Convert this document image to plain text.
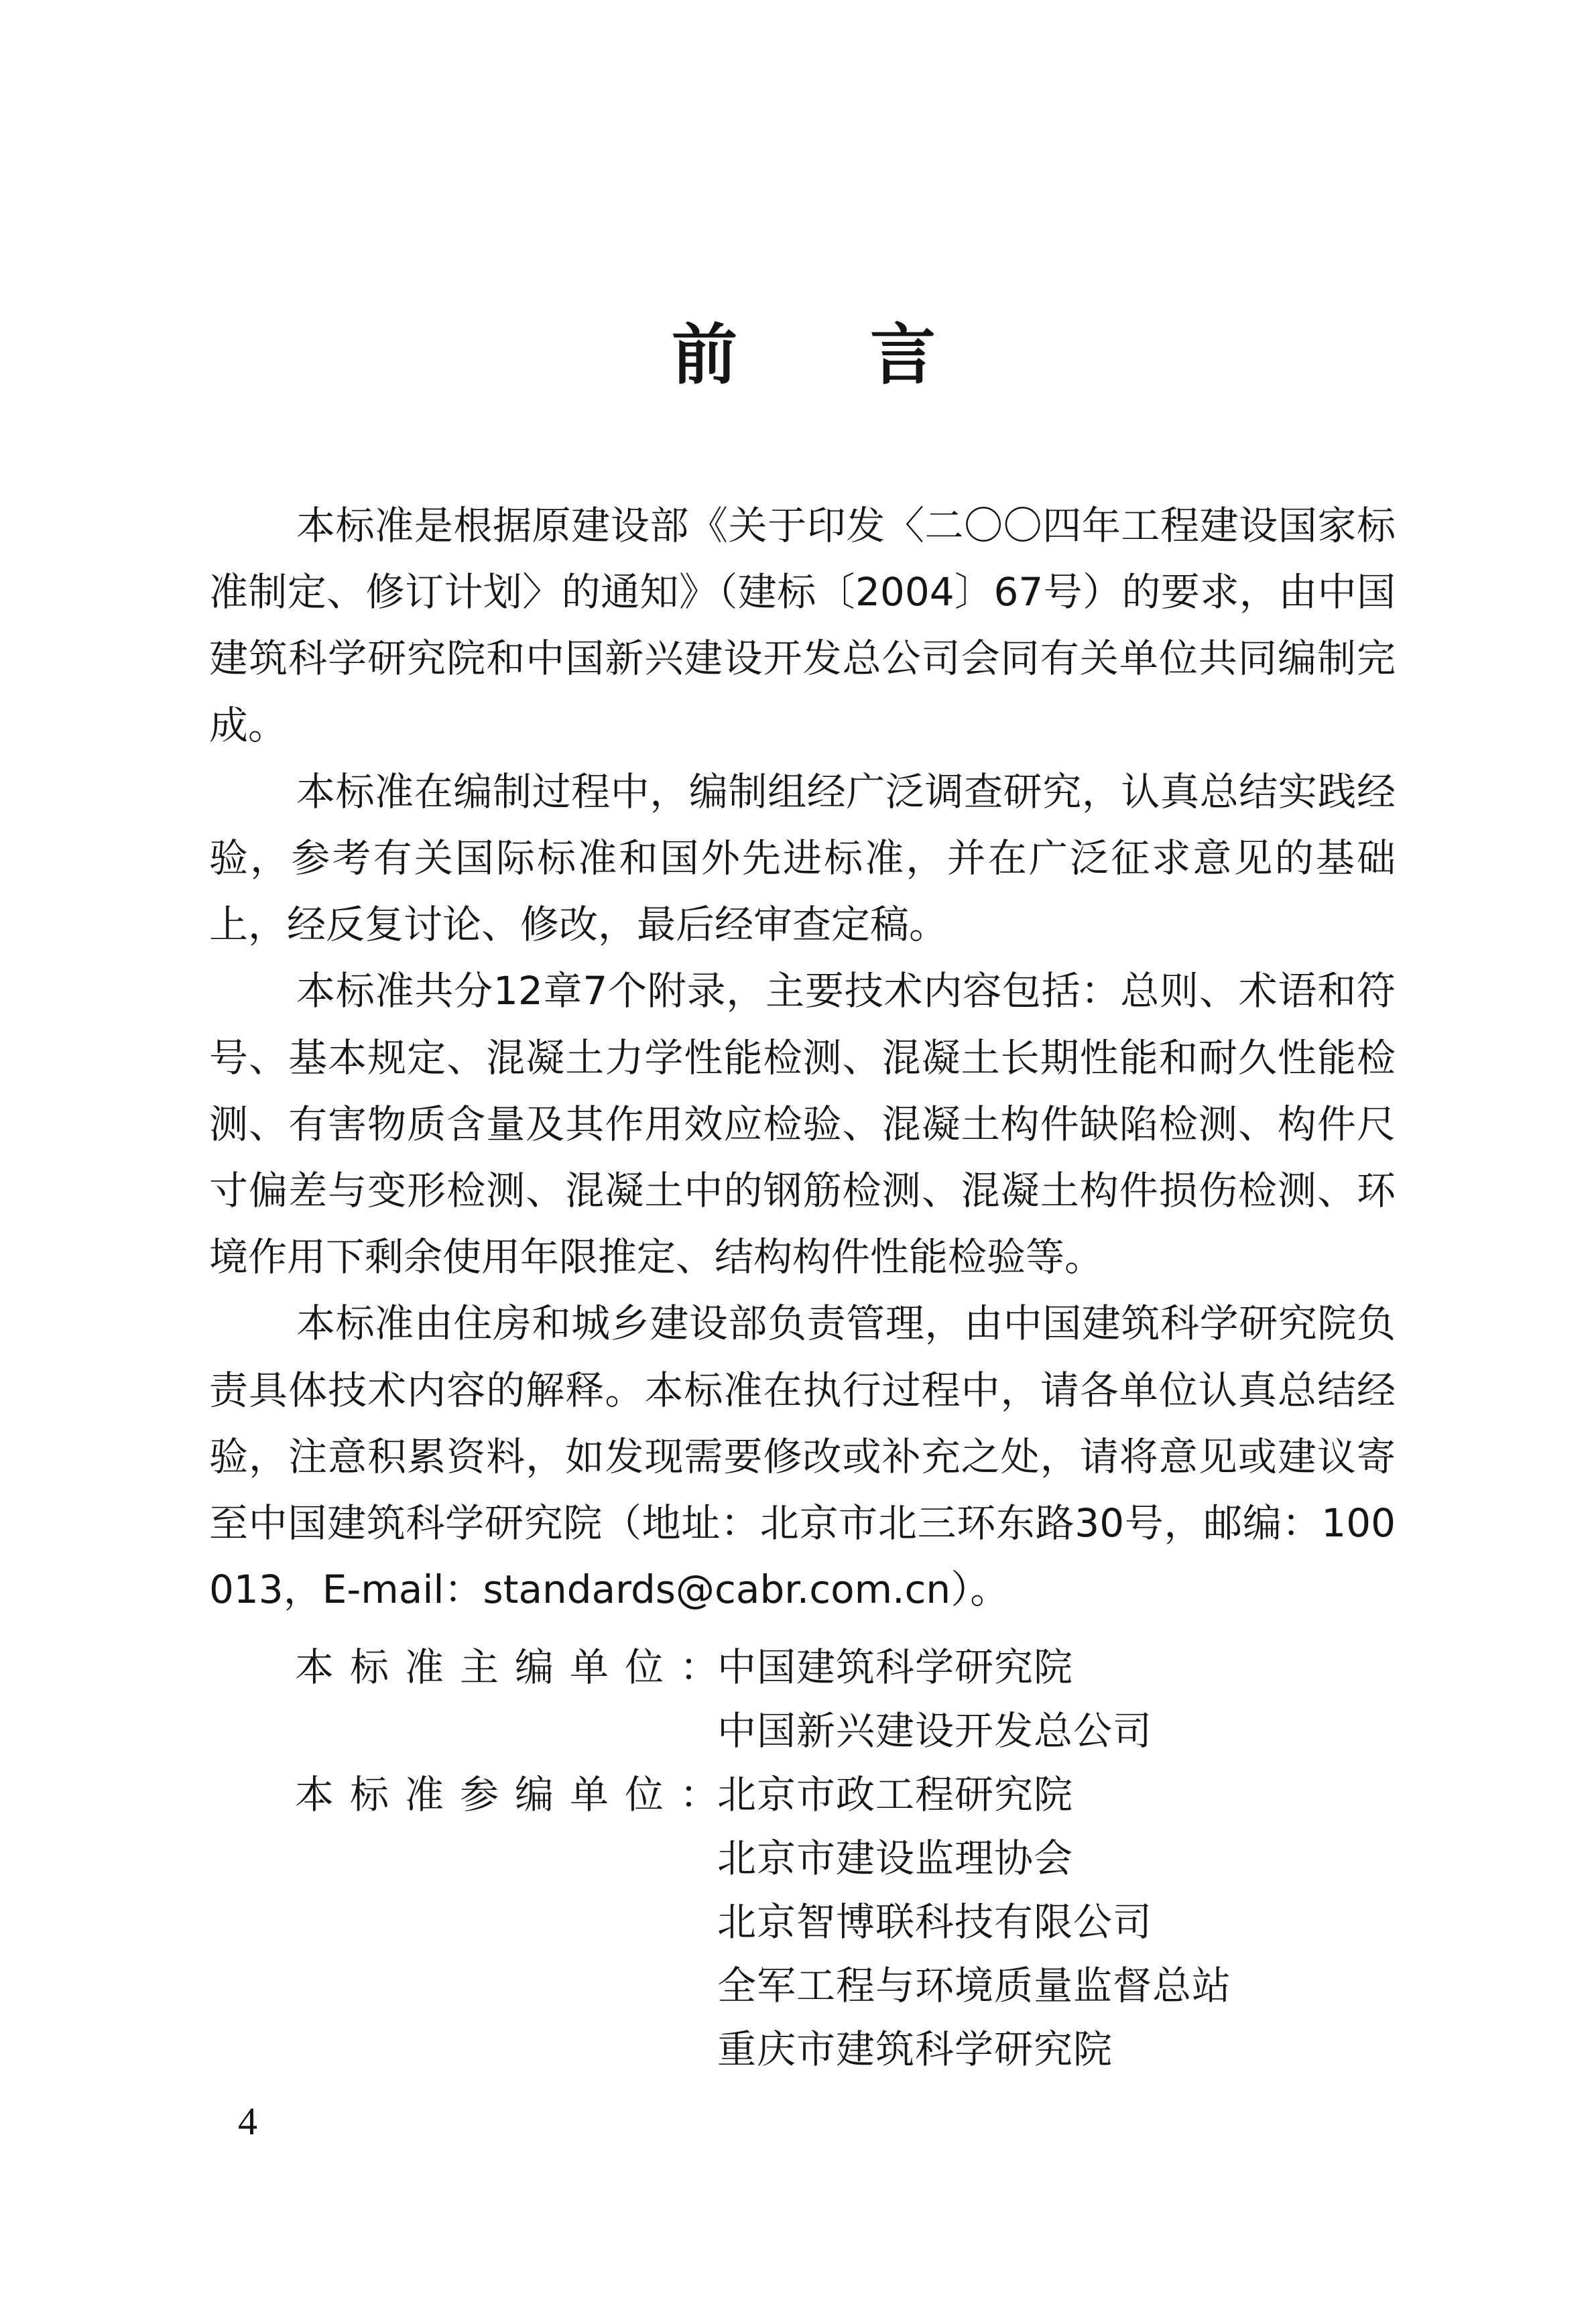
前 言

本标准是根据原建设部《关于印发〈二〇〇四年工程建设国家标准制定、修订计划〉的通知》（建标〔2004〕67号）的要求，由中国建筑科学研究院和中国新兴建设开发总公司会同有关单位共同编制完成。

本标准在编制过程中，编制组经广泛调查研究，认真总结实践经验，参考有关国际标准和国外先进标准，并在广泛征求意见的基础上，经反复讨论、修改，最后经审查定稿。

本标准共分12章7个附录，主要技术内容包括：总则、术语和符号、基本规定、混凝土力学性能检测、混凝土长期性能和耐久性能检测、有害物质含量及其作用效应检验、混凝土构件缺陷检测、构件尺寸偏差与变形检测、混凝土中的钢筋检测、混凝土构件损伤检测、环境作用下剩余使用年限推定、结构构件性能检验等。

本标准由住房和城乡建设部负责管理，由中国建筑科学研究院负责具体技术内容的解释。本标准在执行过程中，请各单位认真总结经验，注意积累资料，如发现需要修改或补充之处，请将意见或建议寄至中国建筑科学研究院（地址：北京市北三环东路30号，邮编：100013，E-mail：standards@cabr.com.cn）。

本标准主编单位：
中国建筑科学研究院
中国新兴建设开发总公司
本标准参编单位：
北京市政工程研究院
北京市建设监理协会
北京智博联科技有限公司
全军工程与环境质量监督总站
重庆市建筑科学研究院
4
